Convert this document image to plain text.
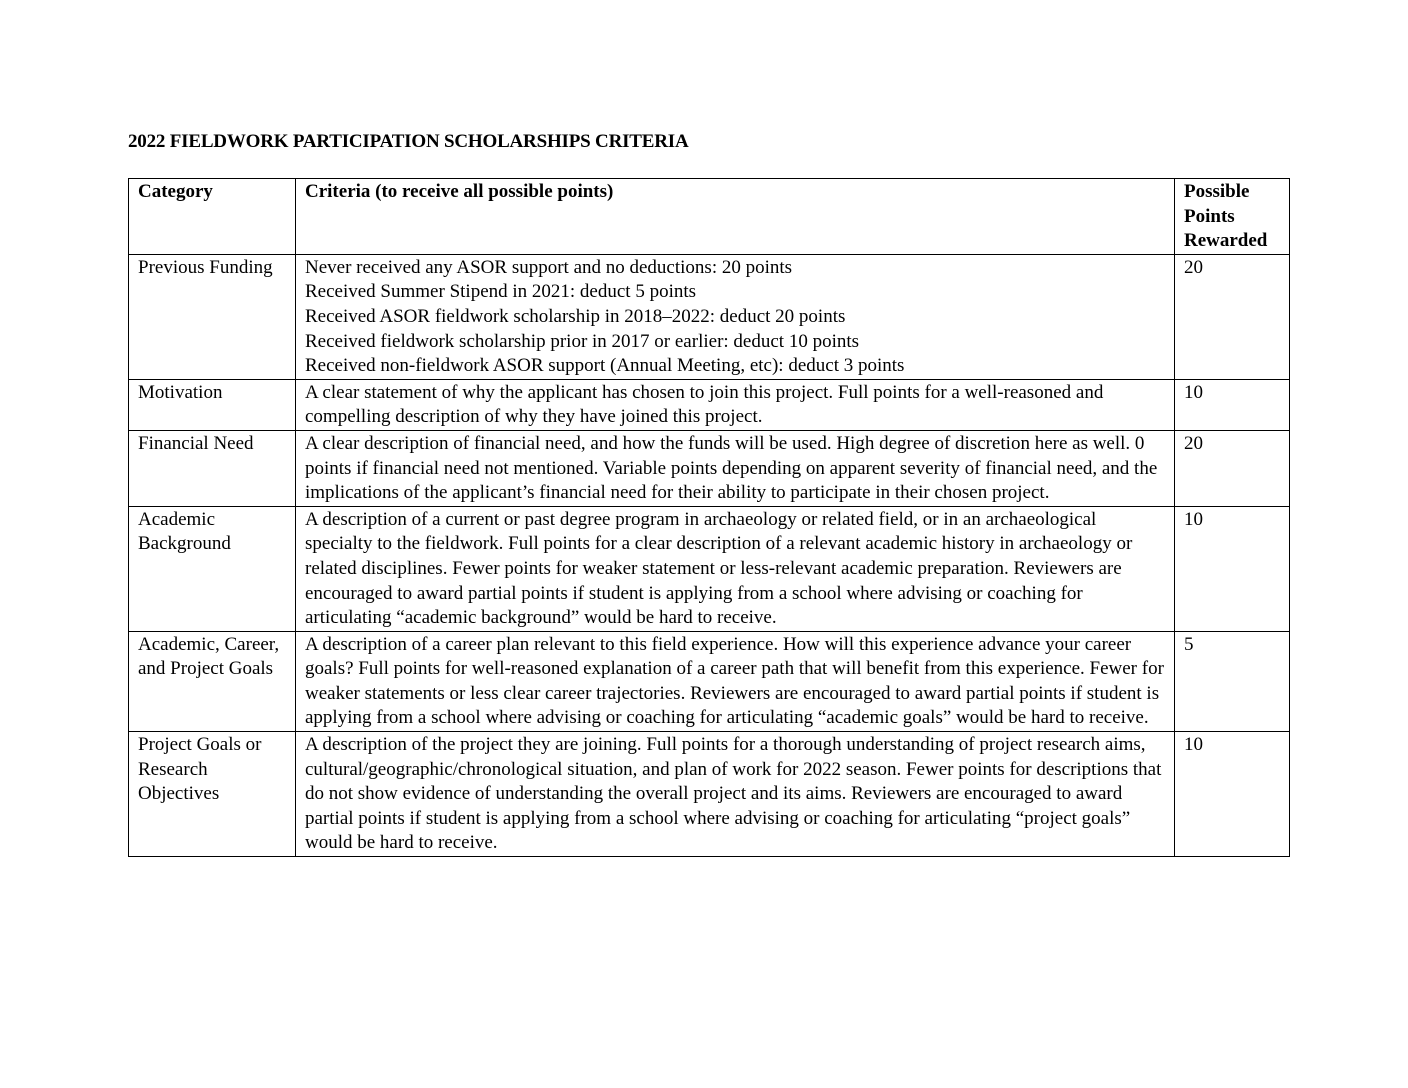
2022 FIELDWORK PARTICIPATION SCHOLARSHIPS CRITERIA
Category	Criteria (to receive all possible points)	Possible Points Rewarded
Previous Funding	Never received any ASOR support and no deductions: 20 points
Received Summer Stipend in 2021: deduct 5 points
Received ASOR fieldwork scholarship in 2018–2022: deduct 20 points
Received fieldwork scholarship prior in 2017 or earlier: deduct 10 points
Received non-fieldwork ASOR support (Annual Meeting, etc): deduct 3 points	20
Motivation	A clear statement of why the applicant has chosen to join this project. Full points for a well-reasoned and compelling description of why they have joined this project.	10
Financial Need	A clear description of financial need, and how the funds will be used. High degree of discretion here as well. 0 points if financial need not mentioned. Variable points depending on apparent severity of financial need, and the implications of the applicant’s financial need for their ability to participate in their chosen project.	20
Academic Background	A description of a current or past degree program in archaeology or related field, or in an archaeological specialty to the fieldwork. Full points for a clear description of a relevant academic history in archaeology or related disciplines. Fewer points for weaker statement or less-relevant academic preparation. Reviewers are encouraged to award partial points if student is applying from a school where advising or coaching for articulating “academic background” would be hard to receive.	10
Academic, Career, and Project Goals	A description of a career plan relevant to this field experience. How will this experience advance your career goals? Full points for well-reasoned explanation of a career path that will benefit from this experience. Fewer for weaker statements or less clear career trajectories. Reviewers are encouraged to award partial points if student is applying from a school where advising or coaching for articulating “academic goals” would be hard to receive.	5
Project Goals or Research Objectives	A description of the project they are joining. Full points for a thorough understanding of project research aims, cultural/geographic/chronological situation, and plan of work for 2022 season. Fewer points for descriptions that do not show evidence of understanding the overall project and its aims. Reviewers are encouraged to award partial points if student is applying from a school where advising or coaching for articulating “project goals” would be hard to receive.	10
